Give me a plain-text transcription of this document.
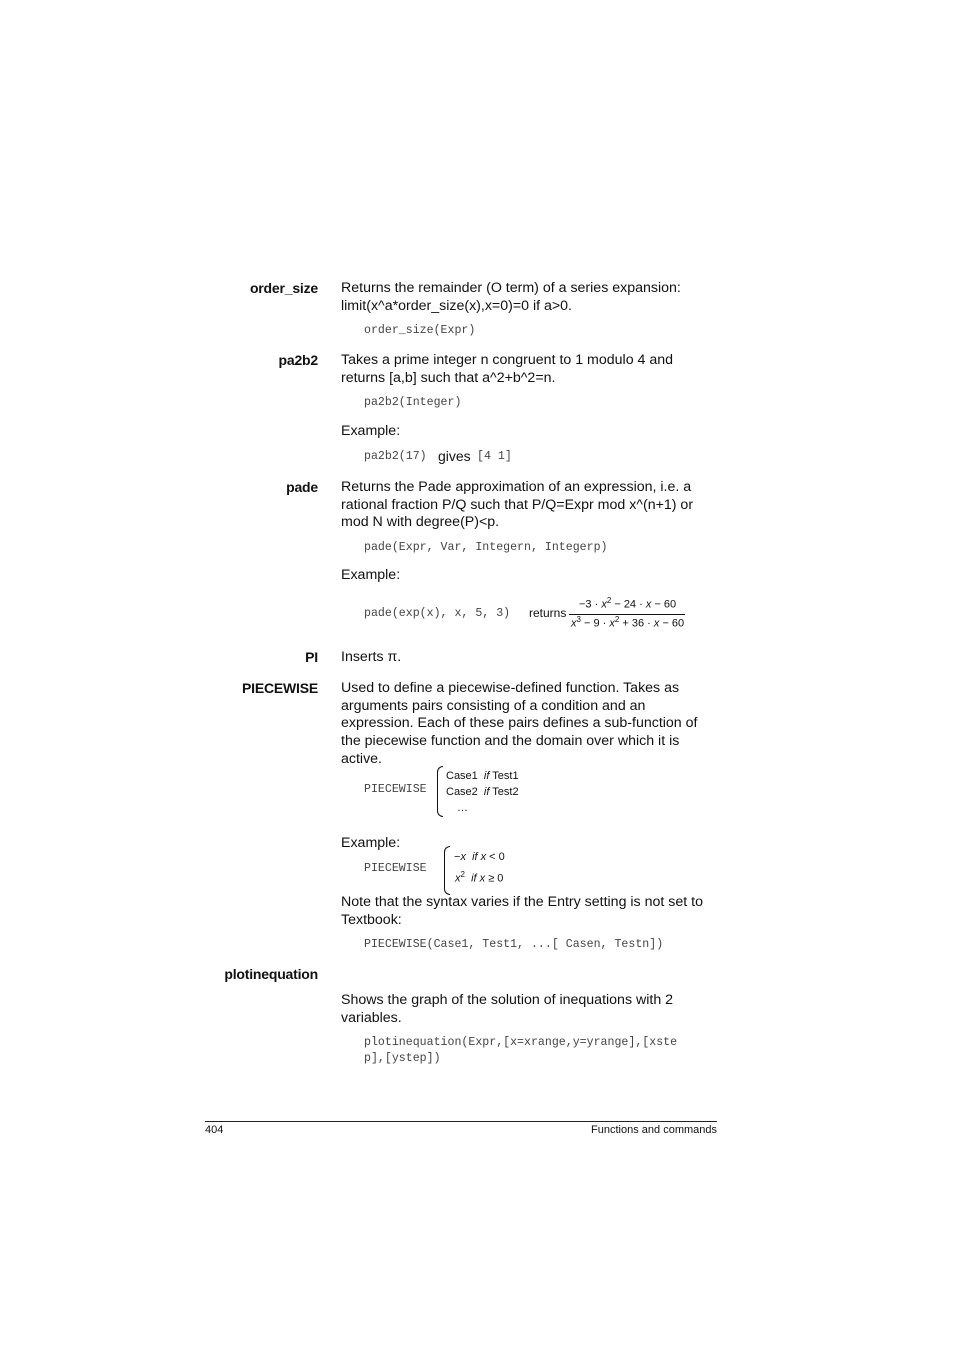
order_size Returns the remainder (O term) of a series expansion: limit(x^a*order_size(x),x=0)=0 if a>0.
order_size(Expr)
pa2b2 Takes a prime integer n congruent to 1 modulo 4 and returns [a,b] such that a^2+b^2=n.
pa2b2(Integer)
Example:
pa2b2(17) gives [4 1]
pade Returns the Pade approximation of an expression, i.e. a rational fraction P/Q such that P/Q=Expr mod x^(n+1) or mod N with degree(P)<p.
pade(Expr, Var, Integern, Integerp)
Example:
pade(exp(x), x, 5, 3) returns
$-3 \cdot x^2 - 24 \cdot x - 60$
$x^3 - 9 \cdot x^2 + 36 \cdot x - 60$
PI Inserts π.
PIECEWISE Used to define a piecewise-defined function. Takes as arguments pairs consisting of a condition and an expression. Each of these pairs defines a sub-function of the piecewise function and the domain over which it is active.
PIECEWISE
Case1 if Test1
Case2 if Test2
…
Example:
PIECEWISE
−x if x < 0
$x^2$ if x ≥ 0
Note that the syntax varies if the Entry setting is not set to Textbook:
PIECEWISE(Case1, Test1, ...[ Casen, Testn])
plotinequation
Shows the graph of the solution of inequations with 2 variables.
plotinequation(Expr,[x=xrange,y=yrange],[xste
p],[ystep])
404	Functions and commands
